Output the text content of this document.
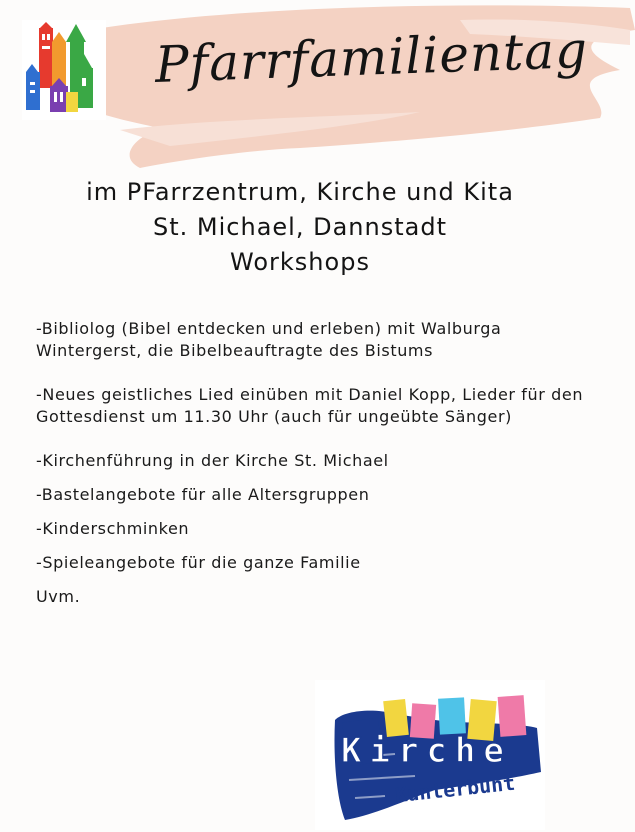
Pfarrfamilientag
im PFarrzentrum, Kirche und Kita
St. Michael, Dannstadt
Workshops
-Bibliolog (Bibel entdecken und erleben) mit Walburga Wintergerst, die Bibelbeauftragte des Bistums
-Neues geistliches Lied einüben mit Daniel Kopp, Lieder für den Gottesdienst um 11.30 Uhr (auch für ungeübte Sänger)
-Kirchenführung in der Kirche St. Michael
-Bastelangebote für alle Altersgruppen
-Kinderschminken
-Spieleangebote für die ganze Familie
Uvm.
Kirche
Kunterbunt
